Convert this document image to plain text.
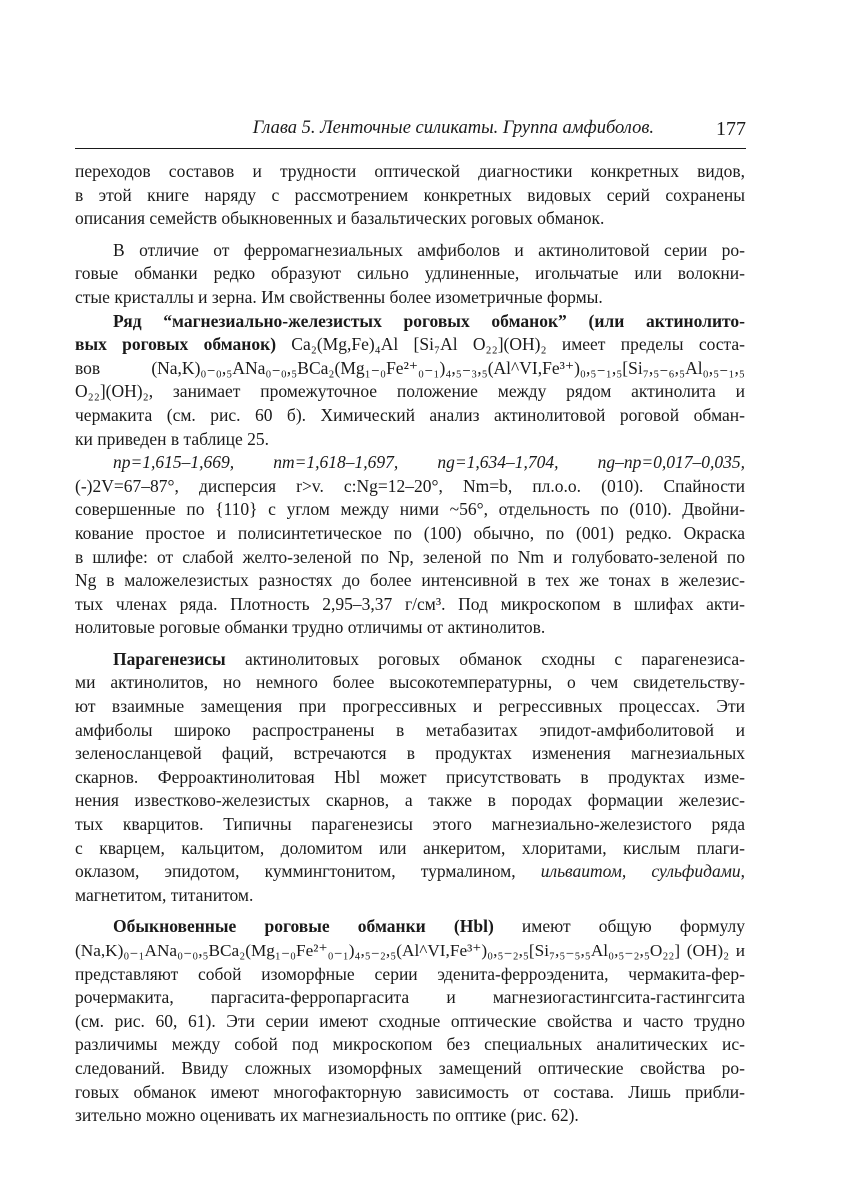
Глава 5. Ленточные силикаты. Группа амфиболов.	177

переходов составов и трудности оптической диагностики конкретных видов,
в этой книге наряду с рассмотрением конкретных видовых серий сохранены
описания семейств обыкновенных и базальтических роговых обманок.

В отличие от ферромагнезиальных амфиболов и актинолитовой серии ро-
говые обманки редко образуют сильно удлиненные, игольчатые или волокни-
стые кристаллы и зерна. Им свойственны более изометричные формы.

Ряд “магнезиально-железистых роговых обманок” (или актинолито-
вых роговых обманок) Ca₂(Mg,Fe)₄Al [Si₇Al O₂₂](OH)₂ имеет пределы соста-
вов (Na,K)₀₋₀,₅ANa₀₋₀,₅BCa₂(Mg₁₋₀Fe²⁺₀₋₁)₄,₅₋₃,₅(Al^VI,Fe³⁺)₀,₅₋₁,₅[Si₇,₅₋₆,₅Al₀,₅₋₁,₅
O₂₂](OH)₂, занимает промежуточное положение между рядом актинолита и
чермакита (см. рис. 60 б). Химический анализ актинолитовой роговой обман-
ки приведен в таблице 25.

np=1,615–1,669, nm=1,618–1,697, ng=1,634–1,704, ng–np=0,017–0,035,
(-)2V=67–87°, дисперсия r>v. c:Ng=12–20°, Nm=b, пл.о.о. (010). Спайности
совершенные по {110} с углом между ними ~56°, отдельность по (010). Двойни-
кование простое и полисинтетическое по (100) обычно, по (001) редко. Окраска
в шлифе: от слабой желто-зеленой по Np, зеленой по Nm и голубовато-зеленой по
Ng в маложелезистых разностях до более интенсивной в тех же тонах в железис-
тых членах ряда. Плотность 2,95–3,37 г/см³. Под микроскопом в шлифах акти-
нолитовые роговые обманки трудно отличимы от актинолитов.

Парагенезисы актинолитовых роговых обманок сходны с парагенезиса-
ми актинолитов, но немного более высокотемпературны, о чем свидетельству-
ют взаимные замещения при прогрессивных и регрессивных процессах. Эти
амфиболы широко распространены в метабазитах эпидот-амфиболитовой и
зеленосланцевой фаций, встречаются в продуктах изменения магнезиальных
скарнов. Ферроактинолитовая Hbl может присутствовать в продуктах изме-
нения известково-железистых скарнов, а также в породах формации железис-
тых кварцитов. Типичны парагенезисы этого магнезиально-железистого ряда
с кварцем, кальцитом, доломитом или анкеритом, хлоритами, кислым плаги-
оклазом, эпидотом, куммингтонитом, турмалином, ильваитом, сульфидами,
магнетитом, титанитом.

Обыкновенные роговые обманки (Hbl) имеют общую формулу
(Na,K)₀₋₁ANa₀₋₀,₅BCa₂(Mg₁₋₀Fe²⁺₀₋₁)₄,₅₋₂,₅(Al^VI,Fe³⁺)₀,₅₋₂,₅[Si₇,₅₋₅,₅Al₀,₅₋₂,₅O₂₂] (OH)₂ и
представляют собой изоморфные серии эденита-ферроэденита, чермакита-фер-
рочермакита, паргасита-ферропаргасита и магнезиогастингсита-гастингсита
(см. рис. 60, 61). Эти серии имеют сходные оптические свойства и часто трудно
различимы между собой под микроскопом без специальных аналитических ис-
следований. Ввиду сложных изоморфных замещений оптические свойства ро-
говых обманок имеют многофакторную зависимость от состава. Лишь прибли-
зительно можно оценивать их магнезиальность по оптике (рис. 62).
